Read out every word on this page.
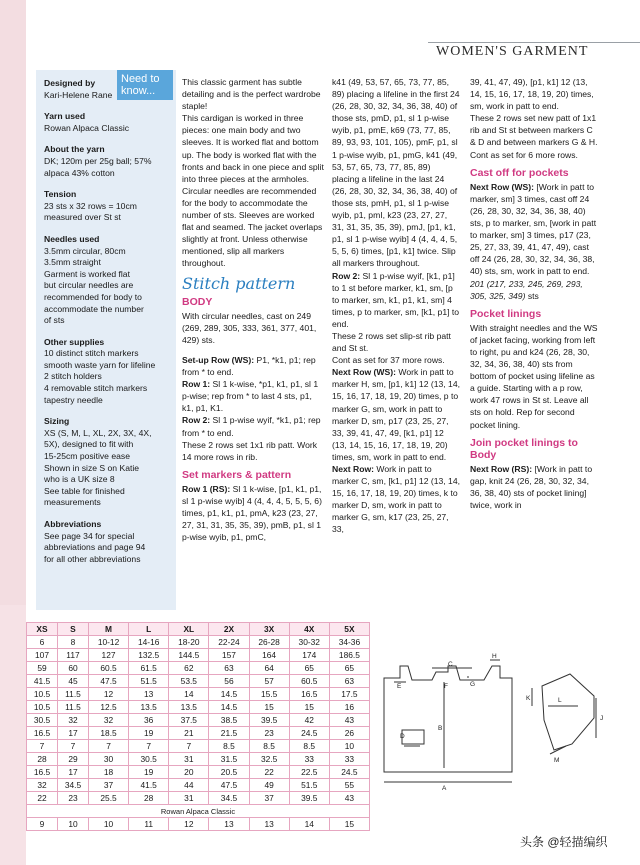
WOMEN'S GARMENT
Designed by
Kari-Helene Rane
Yarn used
Rowan Alpaca Classic
About the yarn
DK; 120m per 25g ball; 57%
alpaca 43% cotton
Tension
23 sts x 32 rows = 10cm
measured over St st
Needles used
3.5mm circular, 80cm
3.5mm straight
Garment is worked flat
but circular needles are
recommended for body to
accommodate the number
of sts
Other supplies
10 distinct stitch markers
smooth waste yarn for lifeline
2 stitch holders
4 removable stitch markers
tapestry needle
Sizing
XS (S, M, L, XL, 2X, 3X, 4X,
5X), designed to fit with
15-25cm positive ease
Shown in size S on Katie
who is a UK size 8
See table for finished
measurements
Abbreviations
See page 34 for special
abbreviations and page 94
for all other abbreviations
Need to know...

This classic garment has subtle detailing and is the perfect wardrobe staple!

This cardigan is worked in three pieces: one main body and two sleeves. It is worked flat and bottom up. The body is worked flat with the fronts and back in one piece and split into three pieces at the armholes. Circular needles are recommended for the body to accommodate the number of sts. Sleeves are worked flat and seamed. The jacket overlaps slightly at front. Unless otherwise mentioned, slip all markers throughout.

Stitch pattern
BODY

With circular needles, cast on 249 (269, 289, 305, 333, 361, 377, 401, 429) sts.

Set-up Row (WS): P1, *k1, p1; rep from * to end.

Row 1: Sl 1 k-wise, *p1, k1, p1, sl 1 p-wise; rep from * to last 4 sts, p1, k1, p1, K1.

Row 2: Sl 1 p-wise wyif, *k1, p1; rep from * to end.

These 2 rows set 1x1 rib patt. Work 14 more rows in rib.

Set markers & pattern

Row 1 (RS): Sl 1 k-wise, [p1, k1, p1, sl 1 p-wise wyib] 4 (4, 4, 4, 5, 5, 5, 6) times, p1, k1, p1, pmA, k23 (23, 27, 27, 31, 31, 35, 35, 39), pmB, p1, sl 1 p-wise wyib, p1, pmC,

k41 (49, 53, 57, 65, 73, 77, 85, 89) placing a lifeline in the first 24 (26, 28, 30, 32, 34, 36, 38, 40) of those sts, pmD, p1, sl 1 p-wise wyib, p1, pmE, k69 (73, 77, 85, 89, 93, 93, 101, 105), pmF, p1, sl 1 p-wise wyib, p1, pmG, k41 (49, 53, 57, 65, 73, 77, 85, 89) placing a lifeline in the last 24 (26, 28, 30, 32, 34, 36, 38, 40) of those sts, pmH, p1, sl 1 p-wise wyib, p1, pmI, k23 (23, 27, 27, 31, 31, 35, 35, 39), pmJ, [p1, k1, p1, sl 1 p-wise wyib] 4 (4, 4, 4, 5, 5, 5, 6) times, [p1, k1] twice. Slip all markers throughout.

Row 2: Sl 1 p-wise wyif, [k1, p1] to 1 st before marker, k1, sm, [p to marker, sm, k1, p1, k1, sm] 4 times, p to marker, sm, [k1, p1] to end.

These 2 rows set slip-st rib patt and St st.

Cont as set for 37 more rows.

Next Row (WS): Work in patt to marker H, sm, [p1, k1] 12 (13, 14, 15, 16, 17, 18, 19, 20) times, p to marker G, sm, work in patt to marker D, sm, p17 (23, 25, 27, 33, 39, 41, 47, 49, [k1, p1] 12 (13, 14, 15, 16, 17, 18, 19, 20) times, sm, work in patt to end.

Next Row: Work in patt to marker C, sm, [k1, p1] 12 (13, 14, 15, 16, 17, 18, 19, 20) times, k to marker D, sm, work in patt to marker G, sm, k17 (23, 25, 27, 33,

39, 41, 47, 49), [p1, k1] 12 (13, 14, 15, 16, 17, 18, 19, 20) times, sm, work in patt to end.

These 2 rows set new patt of 1x1 rib and St st between markers C & D and between markers G & H.

Cont as set for 6 more rows.

Cast off for pockets

Next Row (WS): [Work in patt to marker, sm] 3 times, cast off 24 (26, 28, 30, 32, 34, 36, 38, 40) sts, p to marker, sm, [work in patt to marker, sm] 3 times, p17 (23, 25, 27, 33, 39, 41, 47, 49), cast off 24 (26, 28, 30, 32, 34, 36, 38, 40) sts, sm, work in patt to end. 201 (217, 233, 245, 269, 293, 305, 325, 349) sts

Pocket linings

With straight needles and the WS of jacket facing, working from left to right, pu and k24 (26, 28, 30, 32, 34, 36, 38, 40) sts from bottom of pocket using lifeline as a guide. Starting with a p row, work 47 rows in St st. Leave all sts on hold. Rep for second pocket lining.

Join pocket linings to Body

Next Row (RS): [Work in patt to gap, knit 24 (26, 28, 30, 32, 34, 36, 38, 40) sts of pocket lining] twice, work in

XS	S	M	L	XL	2X	3X	4X	5X
6	8	10-12	14-16	18-20	22-24	26-28	30-32	34-36
107	117	127	132.5	144.5	157	164	174	186.5
59	60	60.5	61.5	62	63	64	65	65
41.5	45	47.5	51.5	53.5	56	57	60.5	63
10.5	11.5	12	13	14	14.5	15.5	16.5	17.5
10.5	11.5	12.5	13.5	13.5	14.5	15	15	16
30.5	32	32	36	37.5	38.5	39.5	42	43
16.5	17	18.5	19	21	21.5	23	24.5	26
7	7	7	7	7	8.5	8.5	8.5	10
28	29	30	30.5	31	31.5	32.5	33	33
16.5	17	18	19	20	20.5	22	22.5	24.5
32	34.5	37	41.5	44	47.5	49	51.5	55
22	23	25.5	28	31	34.5	37	39.5	43
Rowan Alpaca Classic								
9	10	10	11	12	13	13	14	15
C
H
E	G
F
B
D
A
K	L
J
M
头条 @轻描编织
